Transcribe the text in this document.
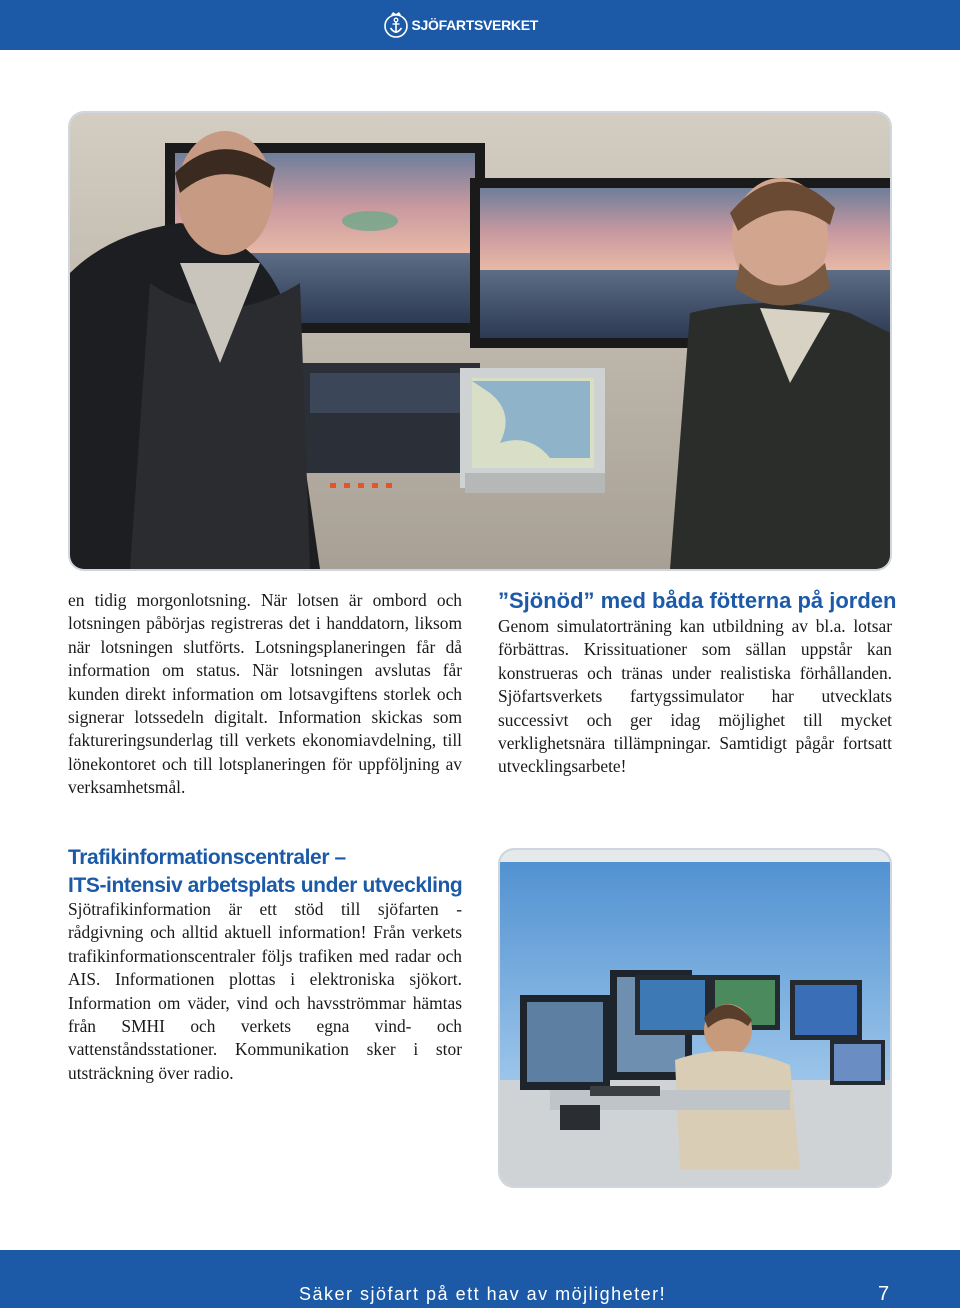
SJÖFARTSVERKET

en tidig morgonlotsning. När lotsen är ombord och lotsningen påbörjas registreras det i handdatorn, liksom när lotsningen slutförts. Lotsningsplaneringen får då information om status. När lotsningen avslutas får kunden direkt information om lotsavgiftens storlek och signerar lotssedeln digitalt. Information skickas som faktureringsunderlag till verkets ekonomiavdelning, till lönekontoret och till lotsplaneringen för uppföljning av verksamhetsmål.

”Sjönöd” med båda fötterna på jorden

Genom simulatorträning kan utbildning av bl.a. lotsar förbättras. Krissituationer som sällan uppstår kan konstrueras och tränas under realistiska förhållanden. Sjöfartsverkets fartygssimulator har utvecklats successivt och ger idag möjlighet till mycket verklighetsnära tillämpningar. Samtidigt pågår fortsatt utvecklingsarbete!

Trafikinformationscentraler –
ITS-intensiv arbetsplats under utveckling

Sjötrafikinformation är ett stöd till sjöfarten - rådgivning och alltid aktuell information! Från verkets trafikinformationscentraler följs trafiken med radar och AIS. Informationen plottas i elektroniska sjökort. Information om väder, vind och havsströmmar hämtas från SMHI och verkets egna vind- och vattenståndsstationer. Kommunikation sker i stor utsträckning över radio.

Säker sjöfart på ett hav av möjligheter!	7
